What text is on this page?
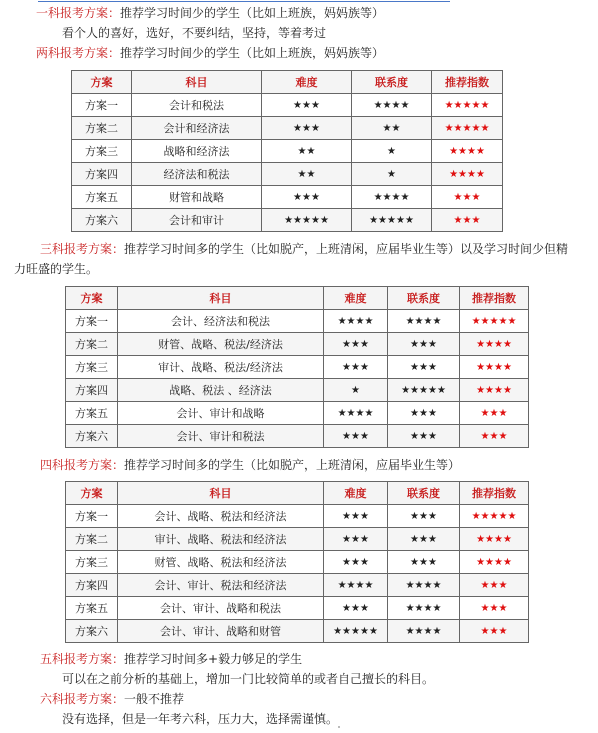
一科报考方案：推荐学习时间少的学生（比如上班族，妈妈族等）
看个人的喜好，选好，不要纠结，坚持，等着考过
两科报考方案：推荐学习时间少的学生（比如上班族，妈妈族等）
方案	科目	难度	联系度	推荐指数
方案一	会计和税法	★★★	★★★★	★★★★★
方案二	会计和经济法	★★★	★★	★★★★★
方案三	战略和经济法	★★	★	★★★★
方案四	经济法和税法	★★	★	★★★★
方案五	财管和战略	★★★	★★★★	★★★
方案六	会计和审计	★★★★★	★★★★★	★★★
三科报考方案：推荐学习时间多的学生（比如脱产，上班清闲，应届毕业生等）以及学习时间少但精
力旺盛的学生。
方案	科目	难度	联系度	推荐指数
方案一	会计、经济法和税法	★★★★	★★★★	★★★★★
方案二	财管、战略、税法/经济法	★★★	★★★	★★★★
方案三	审计、战略、税法/经济法	★★★	★★★	★★★★
方案四	战略、税法 、经济法	★	★★★★★	★★★★
方案五	会计、审计和战略	★★★★	★★★	★★★
方案六	会计、审计和税法	★★★	★★★	★★★
四科报考方案：推荐学习时间多的学生（比如脱产，上班清闲，应届毕业生等）
方案	科目	难度	联系度	推荐指数
方案一	会计、战略、税法和经济法	★★★	★★★	★★★★★
方案二	审计、战略、税法和经济法	★★★	★★★	★★★★
方案三	财管、战略、税法和经济法	★★★	★★★	★★★★
方案四	会计、审计、税法和经济法	★★★★	★★★★	★★★
方案五	会计、审计、战略和税法	★★★	★★★★	★★★
方案六	会计、审计、战略和财管	★★★★★	★★★★	★★★
五科报考方案：推荐学习时间多+毅力够足的学生
可以在之前分析的基础上，增加一门比较简单的或者自己擅长的科目。
六科报考方案：一般不推荐
没有选择，但是一年考六科，压力大，选择需谨慎。
